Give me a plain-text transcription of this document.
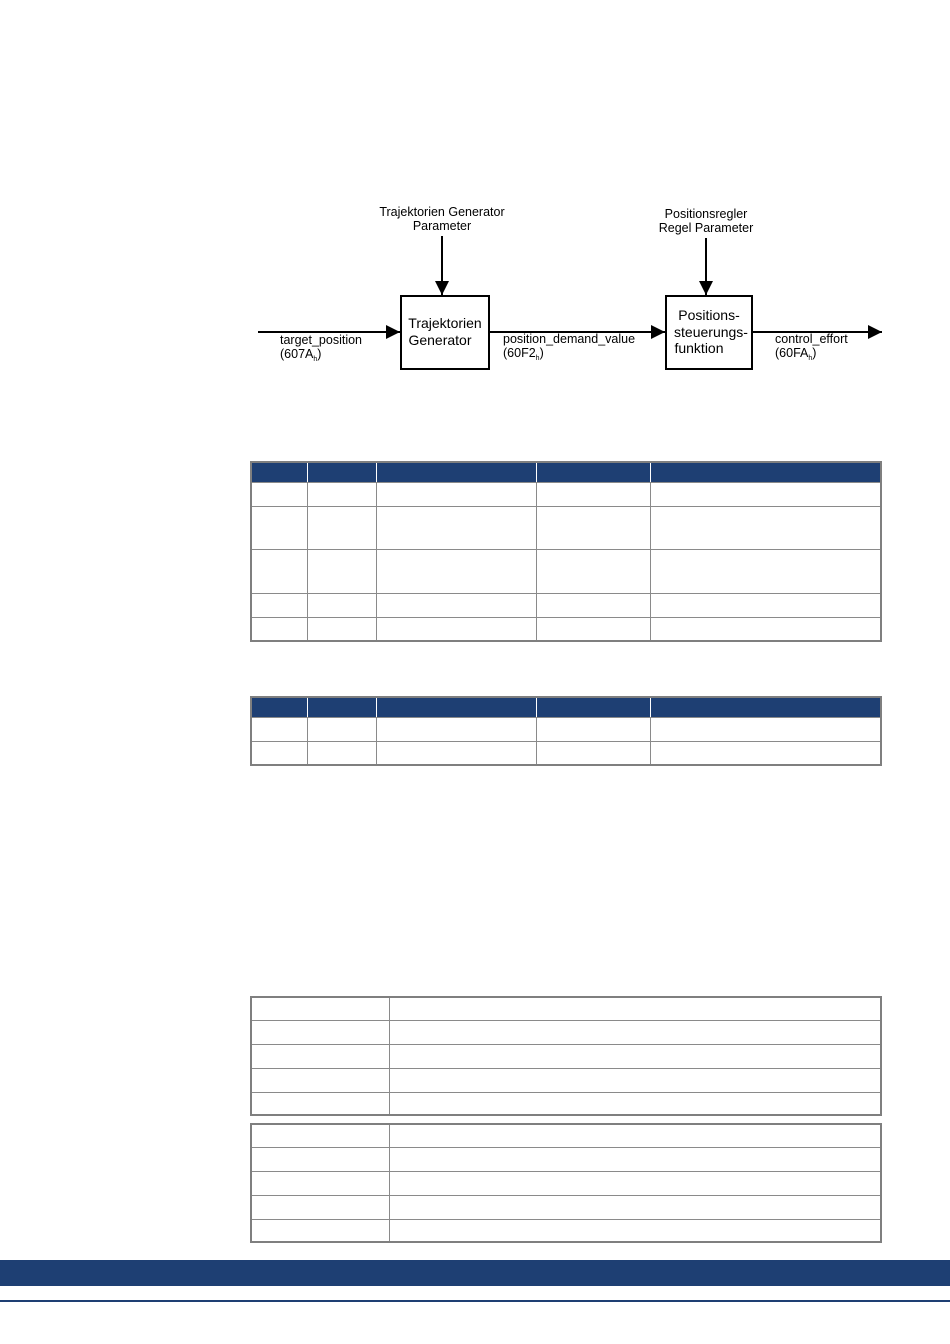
Trajektorien Generator
Parameter
Positionsregler
Regel Parameter
Trajektorien
Generator
Positions-
steuerungs-
funktion
target_position
$(607A_h)$
position_demand_value
$(60F2_h)$
control_effort
$(60FA_h)$
